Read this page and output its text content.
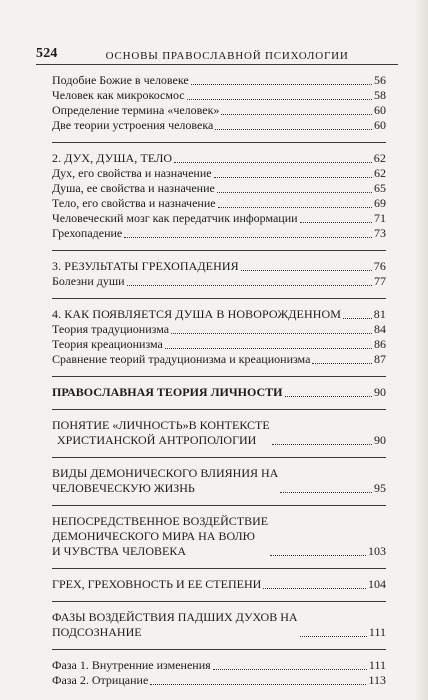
524	ОСНОВЫ ПРАВОСЛАВНОЙ ПСИХОЛОГИИ
Подобие Божие в человеке	56
Человек как микрокосмос	58
Определение термина «человек»	60
Две теории устроения человека	60
2. ДУХ, ДУША, ТЕЛО	62
Дух, его свойства и назначение	62
Душа, ее свойства и назначение	65
Тело, его свойства и назначение	69
Человеческий мозг как передатчик информации	71
Грехопадение	73
3. РЕЗУЛЬТАТЫ ГРЕХОПАДЕНИЯ	76
Болезни души	77
4. КАК ПОЯВЛЯЕТСЯ ДУША В НОВОРОЖДЕННОМ	81
Теория традуционизма	84
Теория креационизма	86
Сравнение теорий традуционизма и креационизма	87
ПРАВОСЛАВНАЯ ТЕОРИЯ ЛИЧНОСТИ	90
ПОНЯТИЕ «ЛИЧНОСТЬ»В КОНТЕКСТЕ
ХРИСТИАНСКОЙ АНТРОПОЛОГИИ	90
ВИДЫ ДЕМОНИЧЕСКОГО ВЛИЯНИЯ НА
ЧЕЛОВЕЧЕСКУЮ ЖИЗНЬ	95
НЕПОСРЕДСТВЕННОЕ ВОЗДЕЙСТВИЕ
ДЕМОНИЧЕСКОГО МИРА НА ВОЛЮ
И ЧУВСТВА ЧЕЛОВЕКА	103
ГРЕХ, ГРЕХОВНОСТЬ И ЕЕ СТЕПЕНИ	104
ФАЗЫ ВОЗДЕЙСТВИЯ ПАДШИХ ДУХОВ НА
ПОДСОЗНАНИЕ	111
Фаза 1. Внутренние изменения	111
Фаза 2. Отрицание	113
